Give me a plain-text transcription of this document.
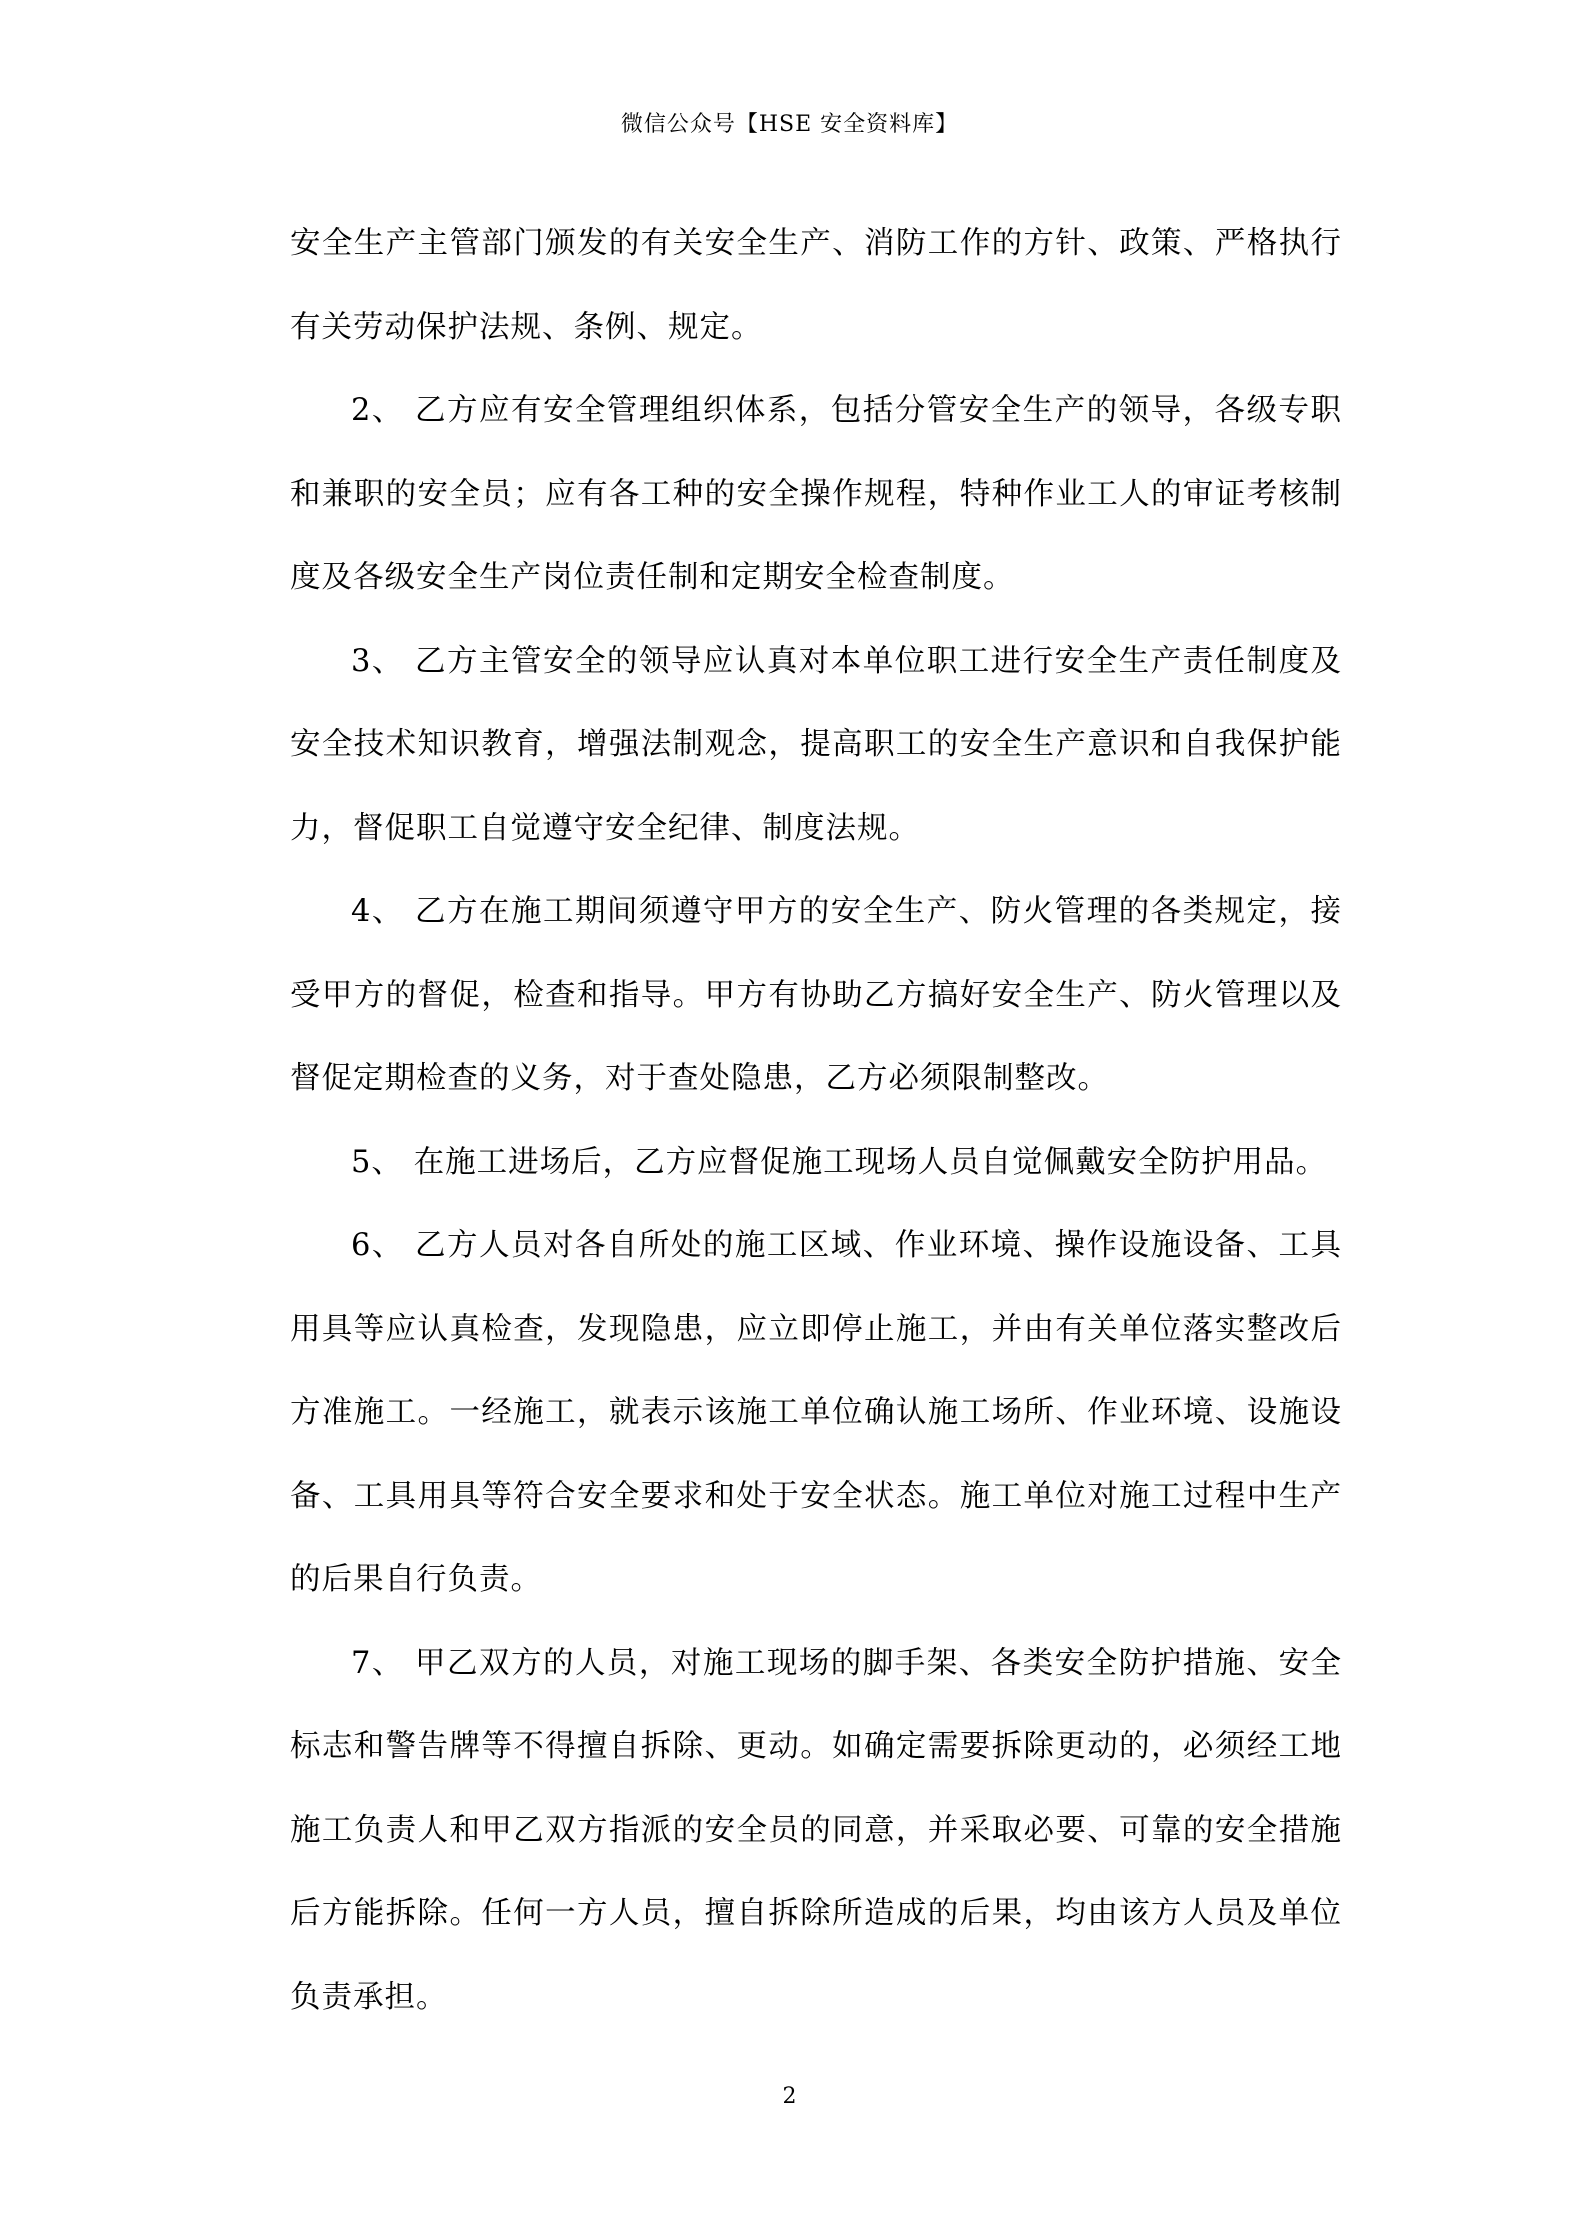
微信公众号【HSE 安全资料库】

安全生产主管部门颁发的有关安全生产、消防工作的方针、政策、严格执行有关劳动保护法规、条例、规定。

2、 乙方应有安全管理组织体系，包括分管安全生产的领导，各级专职和兼职的安全员；应有各工种的安全操作规程，特种作业工人的审证考核制度及各级安全生产岗位责任制和定期安全检查制度。

3、 乙方主管安全的领导应认真对本单位职工进行安全生产责任制度及安全技术知识教育，增强法制观念，提高职工的安全生产意识和自我保护能力，督促职工自觉遵守安全纪律、制度法规。

4、 乙方在施工期间须遵守甲方的安全生产、防火管理的各类规定，接受甲方的督促，检查和指导。甲方有协助乙方搞好安全生产、防火管理以及督促定期检查的义务，对于查处隐患，乙方必须限制整改。

5、 在施工进场后，乙方应督促施工现场人员自觉佩戴安全防护用品。

6、 乙方人员对各自所处的施工区域、作业环境、操作设施设备、工具用具等应认真检查，发现隐患，应立即停止施工，并由有关单位落实整改后方准施工。一经施工，就表示该施工单位确认施工场所、作业环境、设施设备、工具用具等符合安全要求和处于安全状态。施工单位对施工过程中生产的后果自行负责。

7、 甲乙双方的人员，对施工现场的脚手架、各类安全防护措施、安全标志和警告牌等不得擅自拆除、更动。如确定需要拆除更动的，必须经工地施工负责人和甲乙双方指派的安全员的同意，并采取必要、可靠的安全措施后方能拆除。任何一方人员，擅自拆除所造成的后果，均由该方人员及单位负责承担。

2
